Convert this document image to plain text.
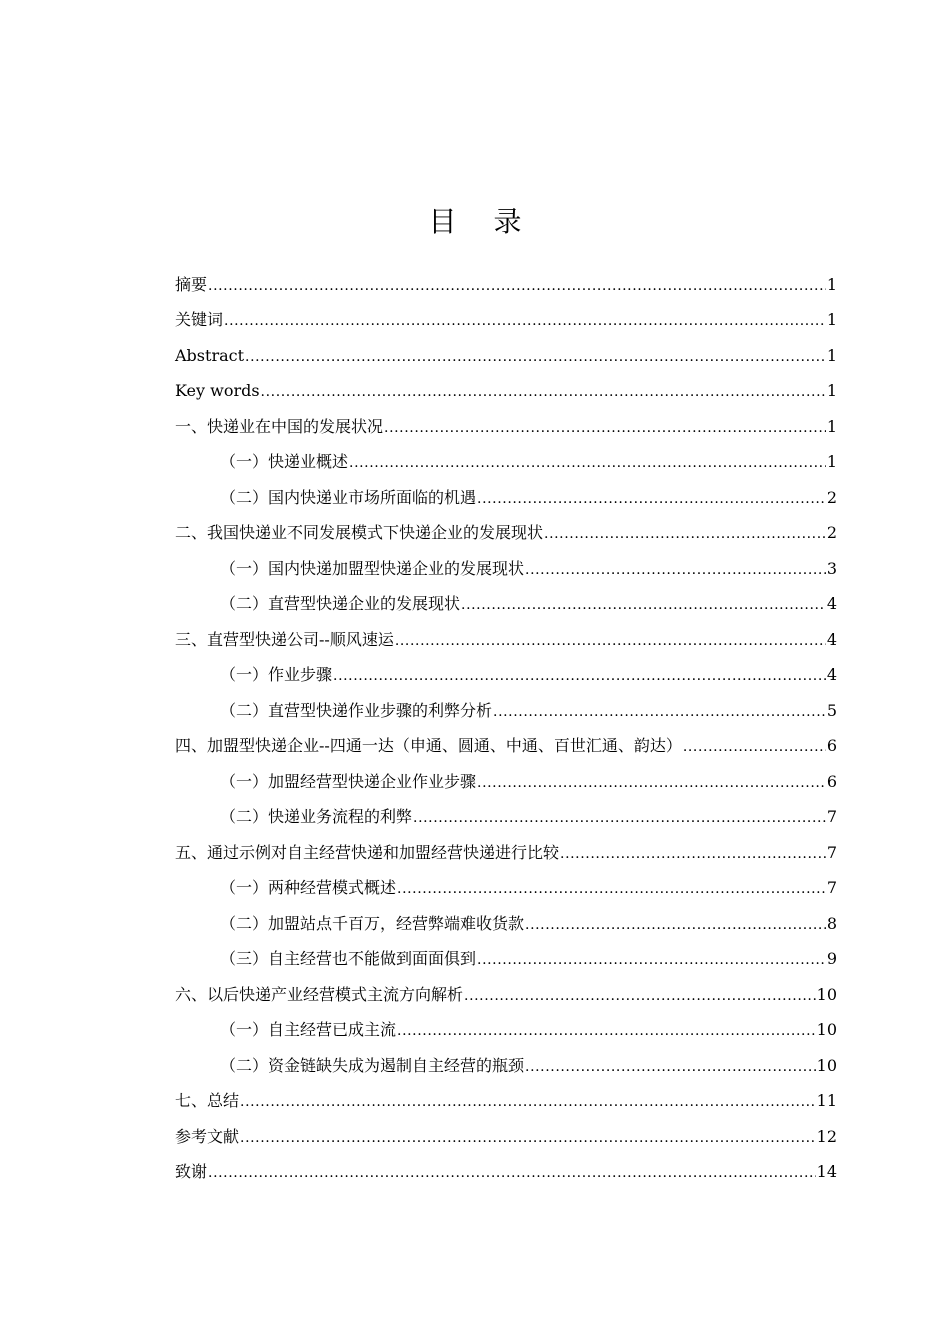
目 录
摘要 .....	1
关键词 .....	1
Abstract .....	1
Key words .....	1
一、快递业在中国的发展状况 .....	1
（一）快递业概述 .....	1
（二）国内快递业市场所面临的机遇 .....	2
二、我国快递业不同发展模式下快递企业的发展现状 .....	2
（一）国内快递加盟型快递企业的发展现状 .....	3
（二）直营型快递企业的发展现状 .....	4
三、直营型快递公司--顺风速运 .....	4
（一）作业步骤 .....	4
（二）直营型快递作业步骤的利弊分析 .....	5
四、加盟型快递企业--四通一达（申通、圆通、中通、百世汇通、韵达） .....	6
（一）加盟经营型快递企业作业步骤 .....	6
（二）快递业务流程的利弊 .....	7
五、通过示例对自主经营快递和加盟经营快递进行比较 .....	7
（一）两种经营模式概述 .....	7
（二）加盟站点千百万，经营弊端难收货款 .....	8
（三）自主经营也不能做到面面俱到 .....	9
六、以后快递产业经营模式主流方向解析 .....	10
（一）自主经营已成主流 .....	10
（二）资金链缺失成为遏制自主经营的瓶颈 .....	10
七、总结 .....	11
参考文献 .....	12
致谢 .....	14
